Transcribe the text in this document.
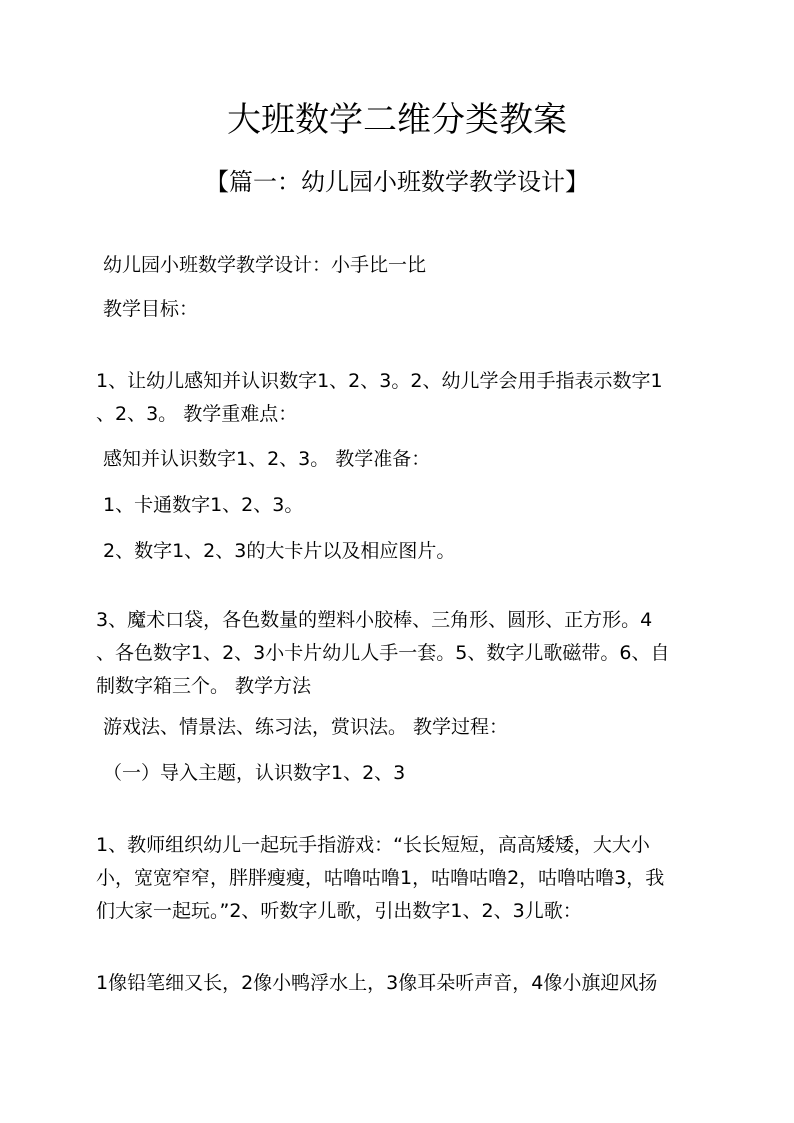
大班数学二维分类教案
【篇一：幼儿园小班数学教学设计】
幼儿园小班数学教学设计：小手比一比
教学目标：
1、让幼儿感知并认识数字1、2、3。2、幼儿学会用手指表示数字1
、2、3。 教学重难点：
感知并认识数字1、2、3。 教学准备：
1、卡通数字1、2、3。
2、数字1、2、3的大卡片以及相应图片。
3、魔术口袋，各色数量的塑料小胶棒、三角形、圆形、正方形。4
、各色数字1、2、3小卡片幼儿人手一套。5、数字儿歌磁带。6、自
制数字箱三个。 教学方法
游戏法、情景法、练习法，赏识法。 教学过程：
（一）导入主题，认识数字1、2、3
1、教师组织幼儿一起玩手指游戏：“长长短短，高高矮矮，大大小
小，宽宽窄窄，胖胖瘦瘦，咕噜咕噜1，咕噜咕噜2，咕噜咕噜3，我
们大家一起玩。”2、听数字儿歌，引出数字1、2、3儿歌：
1像铅笔细又长，2像小鸭浮水上，3像耳朵听声音，4像小旗迎风扬
